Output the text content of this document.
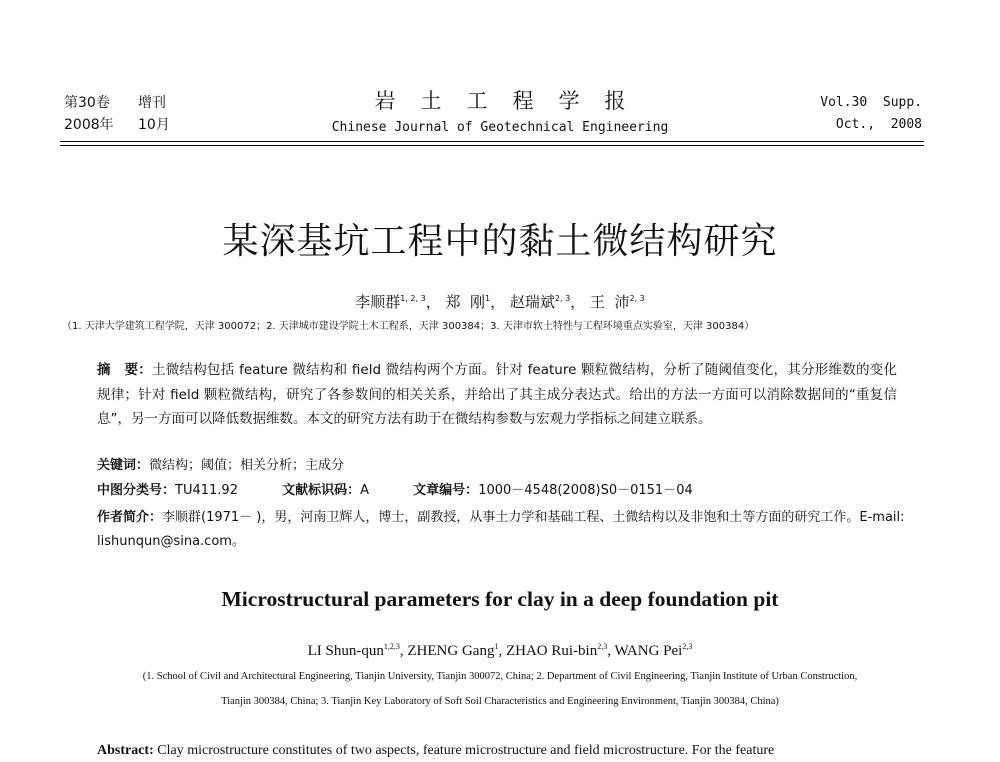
第30卷 增刊
2008年 10月
岩土工程学报
Chinese Journal of Geotechnical Engineering
Vol.30  Supp.
Oct.,  2008
某深基坑工程中的黏土微结构研究
李顺群$^{1, 2, 3}$， 郑  刚$^1$， 赵瑞斌$^{2, 3}$， 王  沛$^{2, 3}$
（1. 天津大学建筑工程学院，天津 300072；2. 天津城市建设学院土木工程系，天津 300384；3. 天津市软土特性与工程环境重点实验室，天津 300384）
摘　要：土微结构包括 feature 微结构和 field 微结构两个方面。针对 feature 颗粒微结构，分析了随阈值变化，其分形维数的变化规律；针对 field 颗粒微结构，研究了各参数间的相关关系，并给出了其主成分表达式。给出的方法一方面可以消除数据间的“重复信息”，另一方面可以降低数据维数。本文的研究方法有助于在微结构参数与宏观力学指标之间建立联系。
关键词：微结构；阈值；相关分析；主成分
中图分类号：TU411.92	文献标识码：A	文章编号：1000－4548(2008)S0－0151－04
作者简介：李顺群(1971－ )，男，河南卫辉人，博士，副教授，从事土力学和基础工程、土微结构以及非饱和土等方面的研究工作。E-mail: lishunqun@sina.com。
Microstructural parameters for clay in a deep foundation pit
LI Shun-qun$^{1,2,3}$, ZHENG Gang$^1$, ZHAO Rui-bin$^{2,3}$, WANG Pei$^{2,3}$
(1. School of Civil and Architectural Engineering, Tianjin University, Tianjin 300072, China; 2. Department of Civil Engineering, Tianjin Institute of Urban Construction, Tianjin 300384, China; 3. Tianjin Key Laboratory of Soft Soil Characteristics and Engineering Environment, Tianjin 300384, China)
Abstract: Clay microstructure constitutes of two aspects, feature microstructure and field microstructure. For the feature
